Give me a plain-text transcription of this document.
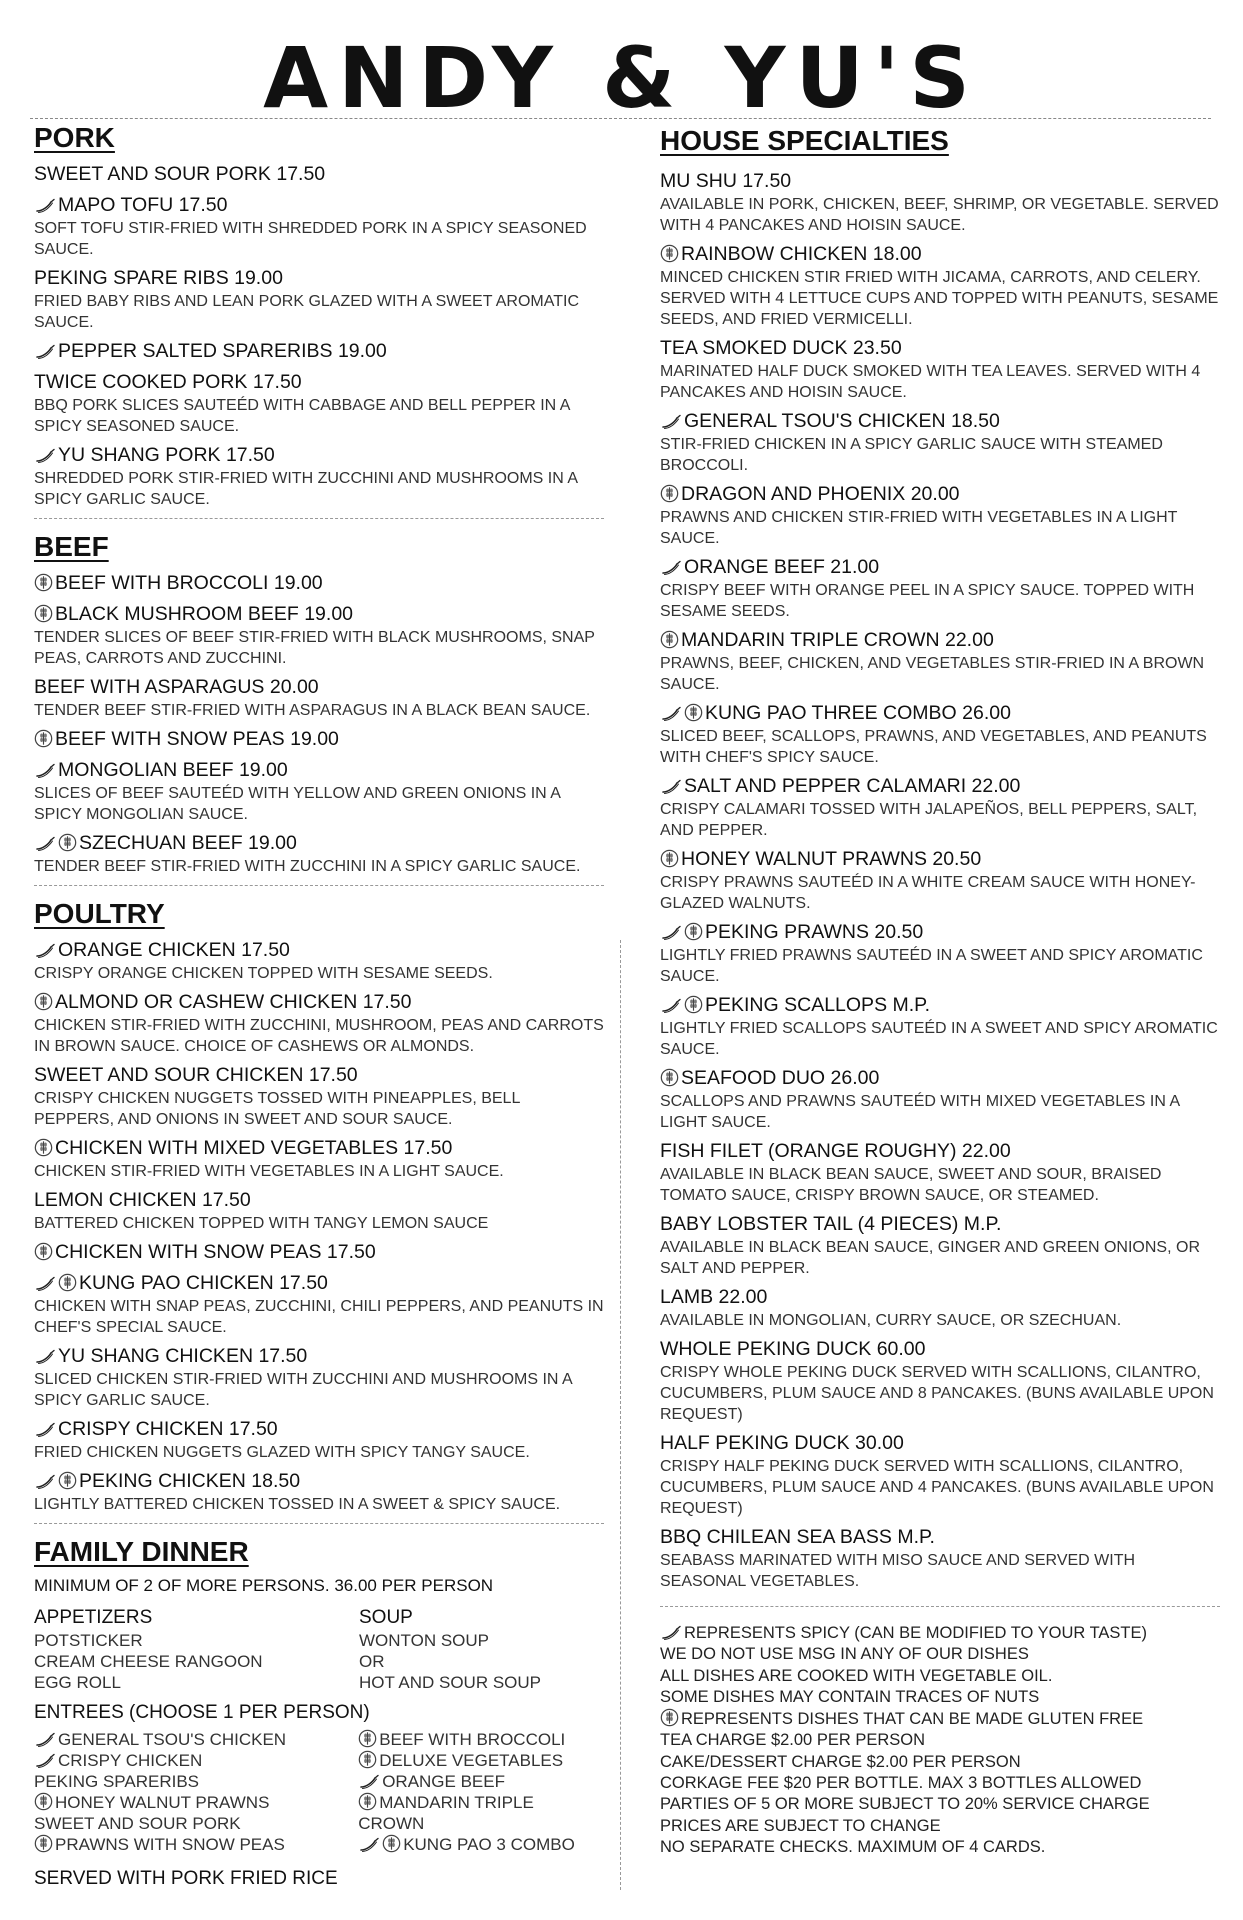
ANDY & YU'S
PORK
SWEET AND SOUR PORK 17.50
MAPO TOFU 17.50
SOFT TOFU STIR-FRIED WITH SHREDDED PORK IN A SPICY SEASONED SAUCE.
PEKING SPARE RIBS 19.00
FRIED BABY RIBS AND LEAN PORK GLAZED WITH A SWEET AROMATIC SAUCE.
PEPPER SALTED SPARERIBS 19.00
TWICE COOKED PORK 17.50
BBQ PORK SLICES SAUTEÉD WITH CABBAGE AND BELL PEPPER IN A SPICY SEASONED SAUCE.
YU SHANG PORK 17.50
SHREDDED PORK STIR-FRIED WITH ZUCCHINI AND MUSHROOMS IN A SPICY GARLIC SAUCE.
BEEF
BEEF WITH BROCCOLI 19.00
BLACK MUSHROOM BEEF 19.00
TENDER SLICES OF BEEF STIR-FRIED WITH BLACK MUSHROOMS, SNAP PEAS, CARROTS AND ZUCCHINI.
BEEF WITH ASPARAGUS 20.00
TENDER BEEF STIR-FRIED WITH ASPARAGUS IN A BLACK BEAN SAUCE.
BEEF WITH SNOW PEAS 19.00
MONGOLIAN BEEF 19.00
SLICES OF BEEF SAUTEÉD WITH YELLOW AND GREEN ONIONS IN A SPICY MONGOLIAN SAUCE.
SZECHUAN BEEF 19.00
TENDER BEEF STIR-FRIED WITH ZUCCHINI IN A SPICY GARLIC SAUCE.
POULTRY
ORANGE CHICKEN 17.50
CRISPY ORANGE CHICKEN TOPPED WITH SESAME SEEDS.
ALMOND OR CASHEW CHICKEN 17.50
CHICKEN STIR-FRIED WITH ZUCCHINI, MUSHROOM, PEAS AND CARROTS IN BROWN SAUCE. CHOICE OF CASHEWS OR ALMONDS.
SWEET AND SOUR CHICKEN 17.50
CRISPY CHICKEN NUGGETS TOSSED WITH PINEAPPLES, BELL PEPPERS, AND ONIONS IN SWEET AND SOUR SAUCE.
CHICKEN WITH MIXED VEGETABLES 17.50
CHICKEN STIR-FRIED WITH VEGETABLES IN A LIGHT SAUCE.
LEMON CHICKEN 17.50
BATTERED CHICKEN TOPPED WITH TANGY LEMON SAUCE
CHICKEN WITH SNOW PEAS 17.50
KUNG PAO CHICKEN 17.50
CHICKEN WITH SNAP PEAS, ZUCCHINI, CHILI PEPPERS, AND PEANUTS IN CHEF'S SPECIAL SAUCE.
YU SHANG CHICKEN 17.50
SLICED CHICKEN STIR-FRIED WITH ZUCCHINI AND MUSHROOMS IN A SPICY GARLIC SAUCE.
CRISPY CHICKEN 17.50
FRIED CHICKEN NUGGETS GLAZED WITH SPICY TANGY SAUCE.
PEKING CHICKEN 18.50
LIGHTLY BATTERED CHICKEN TOSSED IN A SWEET & SPICY SAUCE.
FAMILY DINNER
MINIMUM OF 2 OF MORE PERSONS. 36.00 PER PERSON
APPETIZERS
POTSTICKER
CREAM CHEESE RANGOON
EGG ROLL
SOUP
WONTON SOUP
OR
HOT AND SOUR SOUP
ENTREES (CHOOSE 1 PER PERSON)
GENERAL TSOU'S CHICKEN
CRISPY CHICKEN
PEKING SPARERIBS
HONEY WALNUT PRAWNS
SWEET AND SOUR PORK
PRAWNS WITH SNOW PEAS
BEEF WITH BROCCOLI
DELUXE VEGETABLES
ORANGE BEEF
MANDARIN TRIPLE CROWN
KUNG PAO 3 COMBO
SERVED WITH PORK FRIED RICE
HOUSE SPECIALTIES
MU SHU 17.50
AVAILABLE IN PORK, CHICKEN, BEEF, SHRIMP, OR VEGETABLE. SERVED WITH 4 PANCAKES AND HOISIN SAUCE.
RAINBOW CHICKEN 18.00
MINCED CHICKEN STIR FRIED WITH JICAMA, CARROTS, AND CELERY. SERVED WITH 4 LETTUCE CUPS AND TOPPED WITH PEANUTS, SESAME SEEDS, AND FRIED VERMICELLI.
TEA SMOKED DUCK 23.50
MARINATED HALF DUCK SMOKED WITH TEA LEAVES. SERVED WITH 4 PANCAKES AND HOISIN SAUCE.
GENERAL TSOU'S CHICKEN 18.50
STIR-FRIED CHICKEN IN A SPICY GARLIC SAUCE WITH STEAMED BROCCOLI.
DRAGON AND PHOENIX 20.00
PRAWNS AND CHICKEN STIR-FRIED WITH VEGETABLES IN A LIGHT SAUCE.
ORANGE BEEF 21.00
CRISPY BEEF WITH ORANGE PEEL IN A SPICY SAUCE. TOPPED WITH SESAME SEEDS.
MANDARIN TRIPLE CROWN 22.00
PRAWNS, BEEF, CHICKEN, AND VEGETABLES STIR-FRIED IN A BROWN SAUCE.
KUNG PAO THREE COMBO 26.00
SLICED BEEF, SCALLOPS, PRAWNS, AND VEGETABLES, AND PEANUTS WITH CHEF'S SPICY SAUCE.
SALT AND PEPPER CALAMARI 22.00
CRISPY CALAMARI TOSSED WITH JALAPEÑOS, BELL PEPPERS, SALT, AND PEPPER.
HONEY WALNUT PRAWNS 20.50
CRISPY PRAWNS SAUTEÉD IN A WHITE CREAM SAUCE WITH HONEY-GLAZED WALNUTS.
PEKING PRAWNS 20.50
LIGHTLY FRIED PRAWNS SAUTEÉD IN A SWEET AND SPICY AROMATIC SAUCE.
PEKING SCALLOPS M.P.
LIGHTLY FRIED SCALLOPS SAUTEÉD IN A SWEET AND SPICY AROMATIC SAUCE.
SEAFOOD DUO 26.00
SCALLOPS AND PRAWNS SAUTEÉD WITH MIXED VEGETABLES IN A LIGHT SAUCE.
FISH FILET (ORANGE ROUGHY) 22.00
AVAILABLE IN BLACK BEAN SAUCE, SWEET AND SOUR, BRAISED TOMATO SAUCE, CRISPY BROWN SAUCE, OR STEAMED.
BABY LOBSTER TAIL (4 PIECES) M.P.
AVAILABLE IN BLACK BEAN SAUCE, GINGER AND GREEN ONIONS, OR SALT AND PEPPER.
LAMB 22.00
AVAILABLE IN MONGOLIAN, CURRY SAUCE, OR SZECHUAN.
WHOLE PEKING DUCK 60.00
CRISPY WHOLE PEKING DUCK SERVED WITH SCALLIONS, CILANTRO, CUCUMBERS, PLUM SAUCE AND 8 PANCAKES. (BUNS AVAILABLE UPON REQUEST)
HALF PEKING DUCK 30.00
CRISPY HALF PEKING DUCK SERVED WITH SCALLIONS, CILANTRO, CUCUMBERS, PLUM SAUCE AND 4 PANCAKES. (BUNS AVAILABLE UPON REQUEST)
BBQ CHILEAN SEA BASS M.P.
SEABASS MARINATED WITH MISO SAUCE AND SERVED WITH SEASONAL VEGETABLES.
REPRESENTS SPICY (CAN BE MODIFIED TO YOUR TASTE)
WE DO NOT USE MSG IN ANY OF OUR DISHES
ALL DISHES ARE COOKED WITH VEGETABLE OIL.
SOME DISHES MAY CONTAIN TRACES OF NUTS
REPRESENTS DISHES THAT CAN BE MADE GLUTEN FREE
TEA CHARGE $2.00 PER PERSON
CAKE/DESSERT CHARGE $2.00 PER PERSON
CORKAGE FEE $20 PER BOTTLE. MAX 3 BOTTLES ALLOWED
PARTIES OF 5 OR MORE SUBJECT TO 20% SERVICE CHARGE
PRICES ARE SUBJECT TO CHANGE
NO SEPARATE CHECKS. MAXIMUM OF 4 CARDS.
